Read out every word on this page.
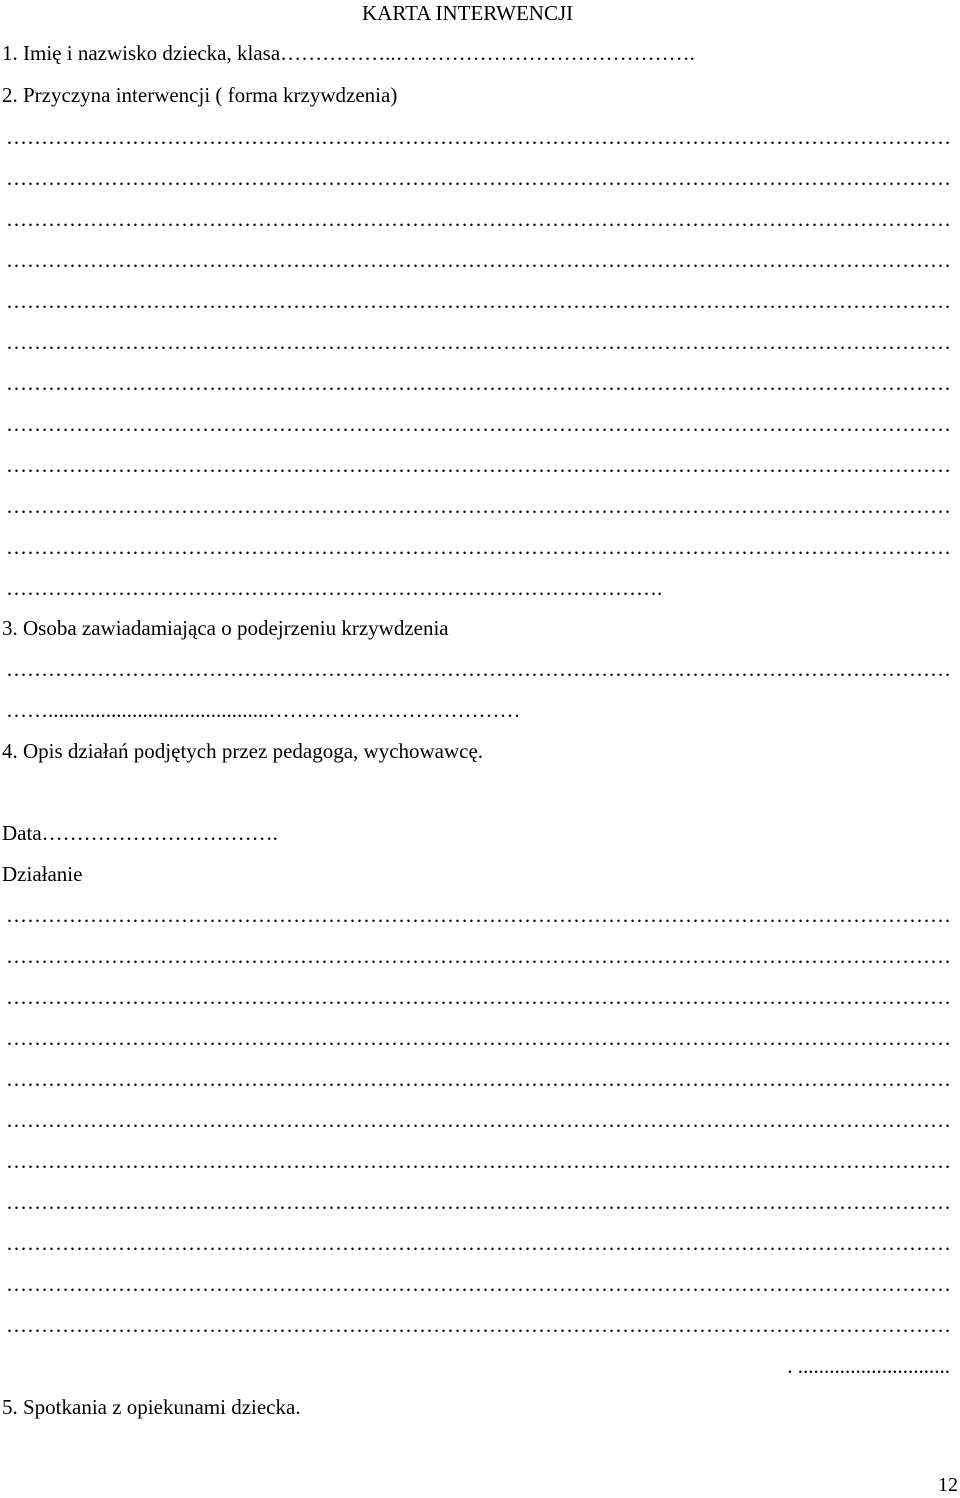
KARTA INTERWENCJI
1. Imię i nazwisko dziecka, klasa……………..…………………………………….
2. Przyczyna interwencji ( forma krzywdzenia)
………………………………………………………………………………………………………………………………………………
………………………………………………………………………………………………………………………………………………
………………………………………………………………………………………………………………………………………………
………………………………………………………………………………………………………………………………………………
………………………………………………………………………………………………………………………………………………
………………………………………………………………………………………………………………………………………………
………………………………………………………………………………………………………………………………………………
………………………………………………………………………………………………………………………………………………
………………………………………………………………………………………………………………………………………………
………………………………………………………………………………………………………………………………………………
………………………………………………………………………………………………………………………………………………
………………………………………………………………………………….
3. Osoba zawiadamiająca o podejrzeniu krzywdzenia
………………………………………………………………………………………………………………………………………………
……..........................................………………………………
4. Opis działań podjętych przez pedagoga, wychowawcę.
Data…………………………….
Działanie
………………………………………………………………………………………………………………………………………………
………………………………………………………………………………………………………………………………………………
………………………………………………………………………………………………………………………………………………
………………………………………………………………………………………………………………………………………………
………………………………………………………………………………………………………………………………………………
………………………………………………………………………………………………………………………………………………
………………………………………………………………………………………………………………………………………………
………………………………………………………………………………………………………………………………………………
………………………………………………………………………………………………………………………………………………
………………………………………………………………………………………………………………………………………………
………………………………………………………………………………………………………………………………………………
. .............................
5. Spotkania z opiekunami dziecka.
12
